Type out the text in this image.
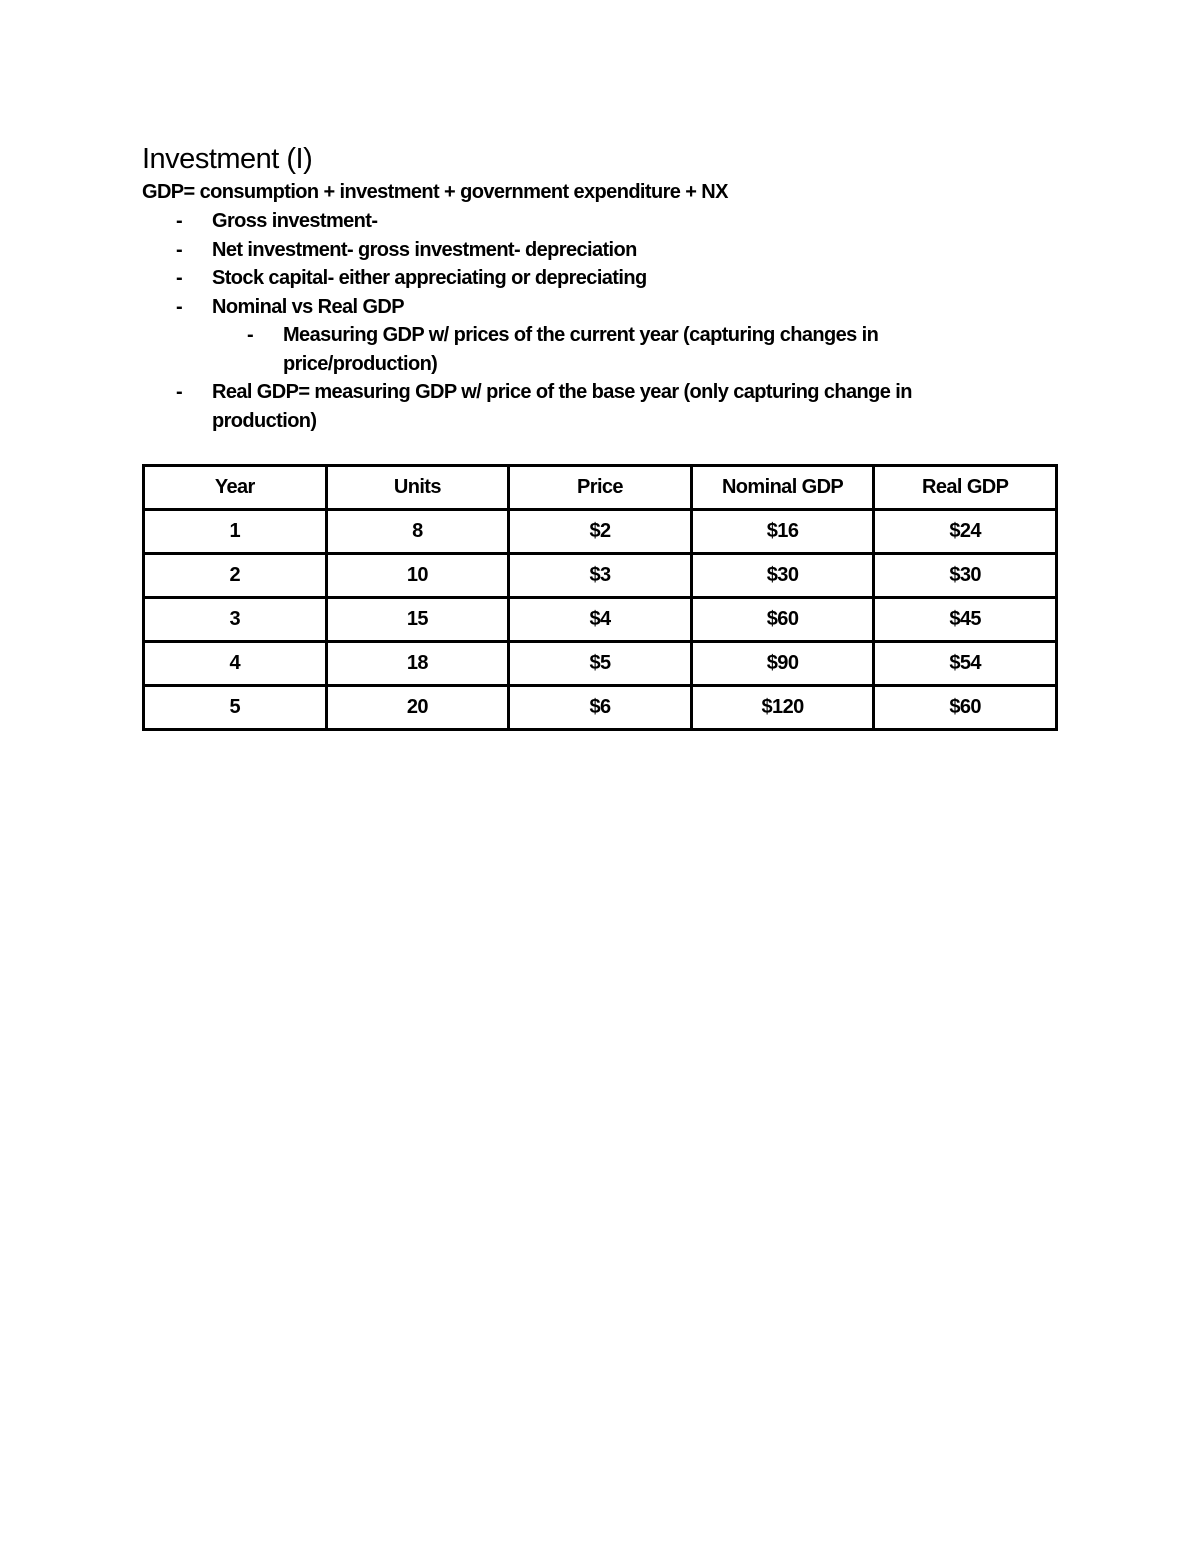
Investment (I)

GDP= consumption + investment + government expenditure + NX

- Gross investment-
- Net investment- gross investment- depreciation
- Stock capital- either appreciating or depreciating
- Nominal vs Real GDP
- Measuring GDP w/ prices of the current year (capturing changes in price/production)
- Real GDP= measuring GDP w/ price of the base year (only capturing change in production)
Year	Units	Price	Nominal GDP	Real GDP
1	8	$2	$16	$24
2	10	$3	$30	$30
3	15	$4	$60	$45
4	18	$5	$90	$54
5	20	$6	$120	$60
